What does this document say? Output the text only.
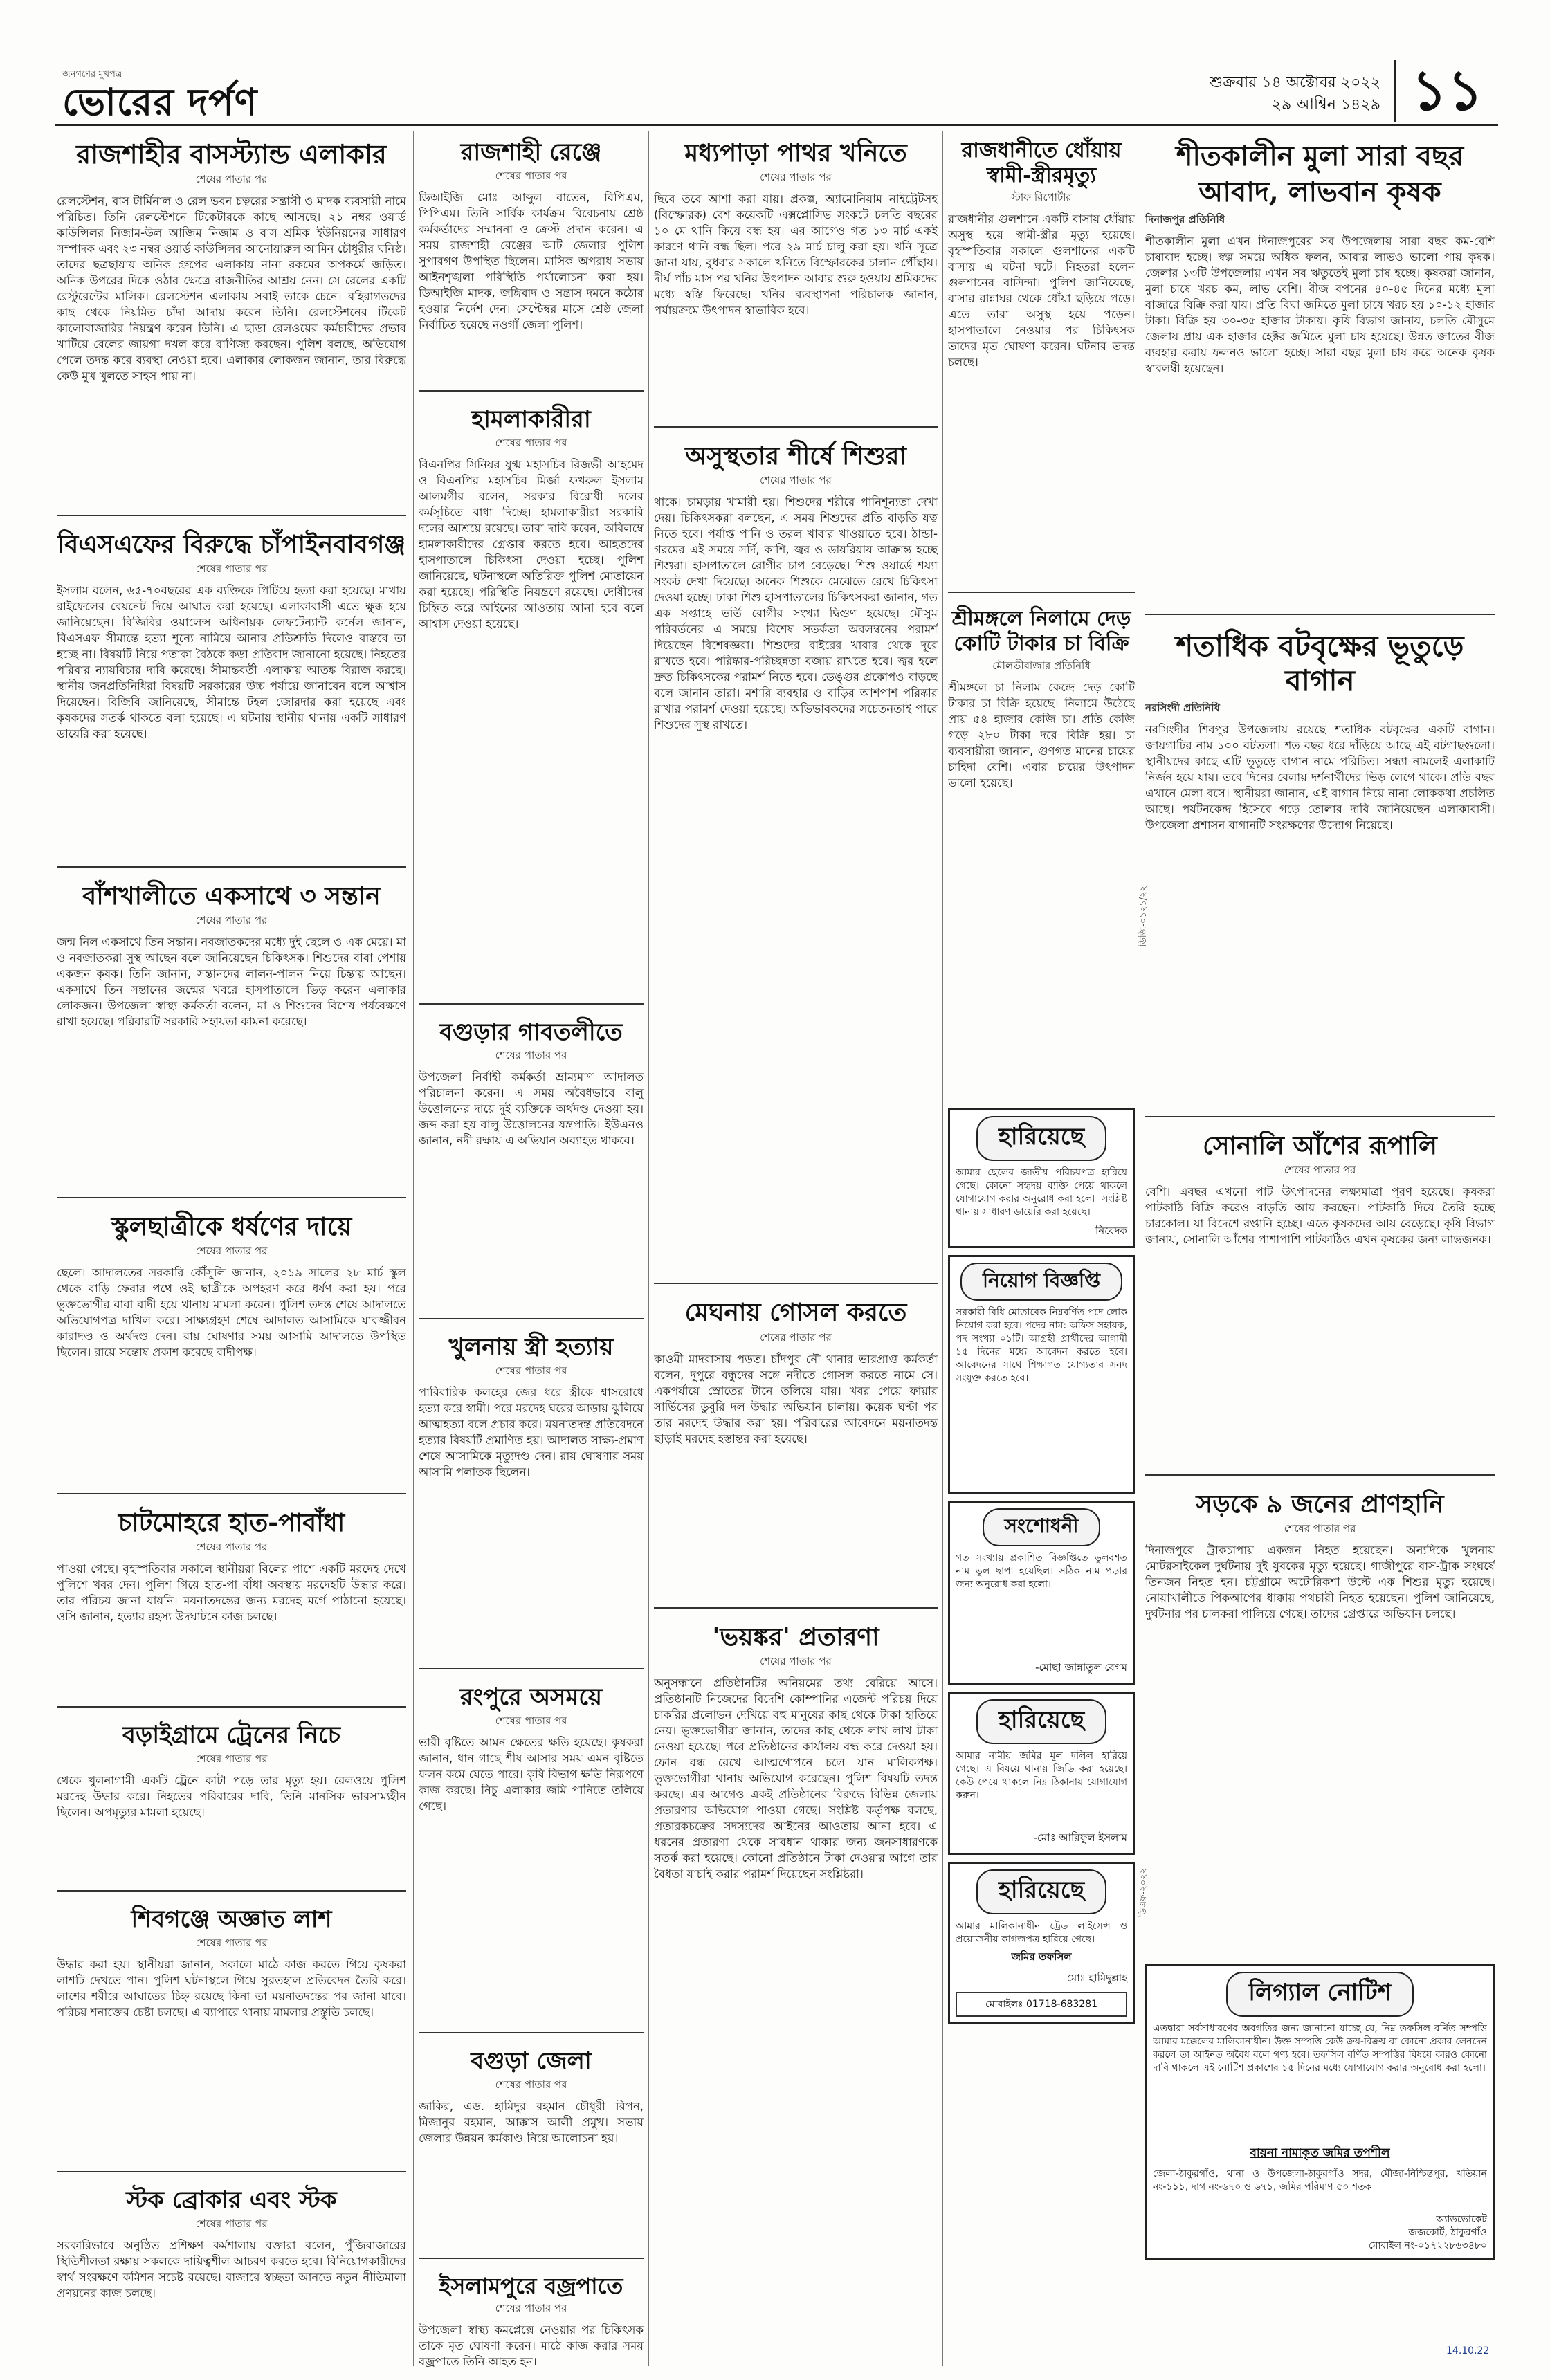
জনগণের মুখপত্র
ভোরের দর্পণ	শুক্রবার ১৪ অক্টোবর ২০২২
২৯ আশ্বিন ১৪২৯ ১১
রাজশাহীর বাসস্ট্যান্ড এলাকার
শেষের পাতার পর
রেলস্টেশন, বাস টার্মিনাল ও রেল ভবন চত্বরের সন্ত্রাসী ও মাদক ব্যবসায়ী নামে পরিচিত। তিনি রেলস্টেশনে টিকেটারকে কাছে আসছে। ২১ নম্বর ওয়ার্ড কাউন্সিলর নিজাম-উল আজিম নিজাম ও বাস শ্রমিক ইউনিয়নের সাধারণ সম্পাদক এবং ২৩ নম্বর ওয়ার্ড কাউন্সিলর আনোয়ারুল আমিন চৌধুরীর ঘনিষ্ঠ। তাদের ছত্রছায়ায় অনিক গ্রুপের এলাকায় নানা রকমের অপকর্মে জড়িত। অনিক উপরের দিকে ওঠার ক্ষেত্রে রাজনীতির আশ্রয় নেন। সে রেলের একটি রেস্টুরেন্টের মালিক। রেলস্টেশন এলাকায় সবাই তাকে চেনে। বহিরাগতদের কাছ থেকে নিয়মিত চাঁদা আদায় করেন তিনি। রেলস্টেশনের টিকেট কালোবাজারির নিয়ন্ত্রণ করেন তিনি। এ ছাড়া রেলওয়ের কর্মচারীদের প্রভাব খাটিয়ে রেলের জায়গা দখল করে বাণিজ্য করছেন। পুলিশ বলছে, অভিযোগ পেলে তদন্ত করে ব্যবস্থা নেওয়া হবে। এলাকার লোকজন জানান, তার বিরুদ্ধে কেউ মুখ খুলতে সাহস পায় না।
বিএসএফের বিরুদ্ধে চাঁপাইনবাবগঞ্জ
শেষের পাতার পর
ইসলাম বলেন, ৬৫-৭০বছরের এক ব্যক্তিকে পিটিয়ে হত্যা করা হয়েছে। মাথায় রাইফেলের বেয়নেট দিয়ে আঘাত করা হয়েছে। এলাকাবাসী এতে ক্ষুব্ধ হয়ে জানিয়েছেন। বিজিবির ওয়ালেন্স অধিনায়ক লেফটেন্যান্ট কর্নেল জানান, বিএসএফ সীমান্তে হত্যা শূন্যে নামিয়ে আনার প্রতিশ্রুতি দিলেও বাস্তবে তা হচ্ছে না। বিষয়টি নিয়ে পতাকা বৈঠকে কড়া প্রতিবাদ জানানো হয়েছে। নিহতের পরিবার ন্যায়বিচার দাবি করেছে। সীমান্তবর্তী এলাকায় আতঙ্ক বিরাজ করছে। স্থানীয় জনপ্রতিনিধিরা বিষয়টি সরকারের উচ্চ পর্যায়ে জানাবেন বলে আশ্বাস দিয়েছেন। বিজিবি জানিয়েছে, সীমান্তে টহল জোরদার করা হয়েছে এবং কৃষকদের সতর্ক থাকতে বলা হয়েছে। এ ঘটনায় স্থানীয় থানায় একটি সাধারণ ডায়েরি করা হয়েছে।
বাঁশখালীতে একসাথে ৩ সন্তান
শেষের পাতার পর
জন্ম নিল একসাথে তিন সন্তান। নবজাতকদের মধ্যে দুই ছেলে ও এক মেয়ে। মা ও নবজাতকরা সুস্থ আছেন বলে জানিয়েছেন চিকিৎসক। শিশুদের বাবা পেশায় একজন কৃষক। তিনি জানান, সন্তানদের লালন-পালন নিয়ে চিন্তায় আছেন। একসাথে তিন সন্তানের জন্মের খবরে হাসপাতালে ভিড় করেন এলাকার লোকজন। উপজেলা স্বাস্থ্য কর্মকর্তা বলেন, মা ও শিশুদের বিশেষ পর্যবেক্ষণে রাখা হয়েছে। পরিবারটি সরকারি সহায়তা কামনা করেছে।
স্কুলছাত্রীকে ধর্ষণের দায়ে
শেষের পাতার পর
ছেলে। আদালতের সরকারি কৌঁসুলি জানান, ২০১৯ সালের ২৮ মার্চ স্কুল থেকে বাড়ি ফেরার পথে ওই ছাত্রীকে অপহরণ করে ধর্ষণ করা হয়। পরে ভুক্তভোগীর বাবা বাদী হয়ে থানায় মামলা করেন। পুলিশ তদন্ত শেষে আদালতে অভিযোগপত্র দাখিল করে। সাক্ষ্যগ্রহণ শেষে আদালত আসামিকে যাবজ্জীবন কারাদণ্ড ও অর্থদণ্ড দেন। রায় ঘোষণার সময় আসামি আদালতে উপস্থিত ছিলেন। রায়ে সন্তোষ প্রকাশ করেছে বাদীপক্ষ।
চাটমোহরে হাত-পাবাঁধা
শেষের পাতার পর
পাওয়া গেছে। বৃহস্পতিবার সকালে স্থানীয়রা বিলের পাশে একটি মরদেহ দেখে পুলিশে খবর দেন। পুলিশ গিয়ে হাত-পা বাঁধা অবস্থায় মরদেহটি উদ্ধার করে। তার পরিচয় জানা যায়নি। ময়নাতদন্তের জন্য মরদেহ মর্গে পাঠানো হয়েছে। ওসি জানান, হত্যার রহস্য উদঘাটনে কাজ চলছে।
বড়াইগ্রামে ট্রেনের নিচে
শেষের পাতার পর
থেকে খুলনাগামী একটি ট্রেনে কাটা পড়ে তার মৃত্যু হয়। রেলওয়ে পুলিশ মরদেহ উদ্ধার করে। নিহতের পরিবারের দাবি, তিনি মানসিক ভারসাম্যহীন ছিলেন। অপমৃত্যুর মামলা হয়েছে।
শিবগঞ্জে অজ্ঞাত লাশ
শেষের পাতার পর
উদ্ধার করা হয়। স্থানীয়রা জানান, সকালে মাঠে কাজ করতে গিয়ে কৃষকরা লাশটি দেখতে পান। পুলিশ ঘটনাস্থলে গিয়ে সুরতহাল প্রতিবেদন তৈরি করে। লাশের শরীরে আঘাতের চিহ্ন রয়েছে কিনা তা ময়নাতদন্তের পর জানা যাবে। পরিচয় শনাক্তের চেষ্টা চলছে। এ ব্যাপারে থানায় মামলার প্রস্তুতি চলছে।
স্টক ব্রোকার এবং স্টক
শেষের পাতার পর
সরকারিভাবে অনুষ্ঠিত প্রশিক্ষণ কর্মশালায় বক্তারা বলেন, পুঁজিবাজারের স্থিতিশীলতা রক্ষায় সকলকে দায়িত্বশীল আচরণ করতে হবে। বিনিয়োগকারীদের স্বার্থ সংরক্ষণে কমিশন সচেষ্ট রয়েছে। বাজারে স্বচ্ছতা আনতে নতুন নীতিমালা প্রণয়নের কাজ চলছে।
রাজশাহী রেঞ্জে
শেষের পাতার পর
ডিআইজি মোঃ আব্দুল বাতেন, বিপিএম, পিপিএম। তিনি সার্বিক কার্যক্রম বিবেচনায় শ্রেষ্ঠ কর্মকর্তাদের সম্মাননা ও ক্রেস্ট প্রদান করেন। এ সময় রাজশাহী রেঞ্জের আট জেলার পুলিশ সুপারগণ উপস্থিত ছিলেন। মাসিক অপরাধ সভায় আইনশৃঙ্খলা পরিস্থিতি পর্যালোচনা করা হয়। ডিআইজি মাদক, জঙ্গিবাদ ও সন্ত্রাস দমনে কঠোর হওয়ার নির্দেশ দেন। সেপ্টেম্বর মাসে শ্রেষ্ঠ জেলা নির্বাচিত হয়েছে নওগাঁ জেলা পুলিশ।
হামলাকারীরা
শেষের পাতার পর
বিএনপির সিনিয়র যুগ্ম মহাসচিব রিজভী আহমেদ ও বিএনপির মহাসচিব মির্জা ফখরুল ইসলাম আলমগীর বলেন, সরকার বিরোধী দলের কর্মসূচিতে বাধা দিচ্ছে। হামলাকারীরা সরকারি দলের আশ্রয়ে রয়েছে। তারা দাবি করেন, অবিলম্বে হামলাকারীদের গ্রেপ্তার করতে হবে। আহতদের হাসপাতালে চিকিৎসা দেওয়া হচ্ছে। পুলিশ জানিয়েছে, ঘটনাস্থলে অতিরিক্ত পুলিশ মোতায়েন করা হয়েছে। পরিস্থিতি নিয়ন্ত্রণে রয়েছে। দোষীদের চিহ্নিত করে আইনের আওতায় আনা হবে বলে আশ্বাস দেওয়া হয়েছে।
বগুড়ার গাবতলীতে
শেষের পাতার পর
উপজেলা নির্বাহী কর্মকর্তা ভ্রাম্যমাণ আদালত পরিচালনা করেন। এ সময় অবৈধভাবে বালু উত্তোলনের দায়ে দুই ব্যক্তিকে অর্থদণ্ড দেওয়া হয়। জব্দ করা হয় বালু উত্তোলনের যন্ত্রপাতি। ইউএনও জানান, নদী রক্ষায় এ অভিযান অব্যাহত থাকবে।
খুলনায় স্ত্রী হত্যায়
শেষের পাতার পর
পারিবারিক কলহের জের ধরে স্ত্রীকে শ্বাসরোধে হত্যা করে স্বামী। পরে মরদেহ ঘরের আড়ায় ঝুলিয়ে আত্মহত্যা বলে প্রচার করে। ময়নাতদন্ত প্রতিবেদনে হত্যার বিষয়টি প্রমাণিত হয়। আদালত সাক্ষ্য-প্রমাণ শেষে আসামিকে মৃত্যুদণ্ড দেন। রায় ঘোষণার সময় আসামি পলাতক ছিলেন।
রংপুরে অসময়ে
শেষের পাতার পর
ভারী বৃষ্টিতে আমন ক্ষেতের ক্ষতি হয়েছে। কৃষকরা জানান, ধান গাছে শীষ আসার সময় এমন বৃষ্টিতে ফলন কমে যেতে পারে। কৃষি বিভাগ ক্ষতি নিরূপণে কাজ করছে। নিচু এলাকার জমি পানিতে তলিয়ে গেছে।
বগুড়া জেলা
শেষের পাতার পর
জাকির, এড. হামিদুর রহমান চৌধুরী রিপন, মিজানুর রহমান, আক্কাস আলী প্রমুখ। সভায় জেলার উন্নয়ন কর্মকাণ্ড নিয়ে আলোচনা হয়।
ইসলামপুরে বজ্রপাতে
শেষের পাতার পর
উপজেলা স্বাস্থ্য কমপ্লেক্সে নেওয়ার পর চিকিৎসক তাকে মৃত ঘোষণা করেন। মাঠে কাজ করার সময় বজ্রপাতে তিনি আহত হন।
মধ্যপাড়া পাথর খনিতে
শেষের পাতার পর
ছিবে তবে আশা করা যায়। প্রকল্প, অ্যামোনিয়াম নাইট্রেটসহ (বিস্ফোরক) বেশ কয়েকটি এক্সপ্লোসিভ সংকটে চলতি বছরের ১০ মে থানি কিয়ে বন্ধ হয়। এর আগেও গত ১৩ মার্চ একই কারণে থানি বন্ধ ছিল। পরে ২৯ মার্চ চালু করা হয়। খনি সূত্রে জানা যায়, বুধবার সকালে খনিতে বিস্ফোরকের চালান পৌঁছায়। দীর্ঘ পাঁচ মাস পর খনির উৎপাদন আবার শুরু হওয়ায় শ্রমিকদের মধ্যে স্বস্তি ফিরেছে। খনির ব্যবস্থাপনা পরিচালক জানান, পর্যায়ক্রমে উৎপাদন স্বাভাবিক হবে।
অসুস্থতার শীর্ষে শিশুরা
শেষের পাতার পর
থাকে। চামড়ায় খামারী হয়। শিশুদের শরীরে পানিশূন্যতা দেখা দেয়। চিকিৎসকরা বলছেন, এ সময় শিশুদের প্রতি বাড়তি যত্ন নিতে হবে। পর্যাপ্ত পানি ও তরল খাবার খাওয়াতে হবে। ঠান্ডা-গরমের এই সময়ে সর্দি, কাশি, জ্বর ও ডায়রিয়ায় আক্রান্ত হচ্ছে শিশুরা। হাসপাতালে রোগীর চাপ বেড়েছে। শিশু ওয়ার্ডে শয্যা সংকট দেখা দিয়েছে। অনেক শিশুকে মেঝেতে রেখে চিকিৎসা দেওয়া হচ্ছে। ঢাকা শিশু হাসপাতালের চিকিৎসকরা জানান, গত এক সপ্তাহে ভর্তি রোগীর সংখ্যা দ্বিগুণ হয়েছে। মৌসুম পরিবর্তনের এ সময়ে বিশেষ সতর্কতা অবলম্বনের পরামর্শ দিয়েছেন বিশেষজ্ঞরা। শিশুদের বাইরের খাবার থেকে দূরে রাখতে হবে। পরিষ্কার-পরিচ্ছন্নতা বজায় রাখতে হবে। জ্বর হলে দ্রুত চিকিৎসকের পরামর্শ নিতে হবে। ডেঙ্গুর প্রকোপও বাড়ছে বলে জানান তারা। মশারি ব্যবহার ও বাড়ির আশপাশ পরিষ্কার রাখার পরামর্শ দেওয়া হয়েছে। অভিভাবকদের সচেতনতাই পারে শিশুদের সুস্থ রাখতে।
মেঘনায় গোসল করতে
শেষের পাতার পর
কাওমী মাদরাসায় পড়ত। চাঁদপুর নৌ থানার ভারপ্রাপ্ত কর্মকর্তা বলেন, দুপুরে বন্ধুদের সঙ্গে নদীতে গোসল করতে নামে সে। একপর্যায়ে স্রোতের টানে তলিয়ে যায়। খবর পেয়ে ফায়ার সার্ভিসের ডুবুরি দল উদ্ধার অভিযান চালায়। কয়েক ঘণ্টা পর তার মরদেহ উদ্ধার করা হয়। পরিবারের আবেদনে ময়নাতদন্ত ছাড়াই মরদেহ হস্তান্তর করা হয়েছে।
'ভয়ঙ্কর' প্রতারণা
শেষের পাতার পর
অনুসন্ধানে প্রতিষ্ঠানটির অনিয়মের তথ্য বেরিয়ে আসে। প্রতিষ্ঠানটি নিজেদের বিদেশি কোম্পানির এজেন্ট পরিচয় দিয়ে চাকরির প্রলোভন দেখিয়ে বহু মানুষের কাছ থেকে টাকা হাতিয়ে নেয়। ভুক্তভোগীরা জানান, তাদের কাছ থেকে লাখ লাখ টাকা নেওয়া হয়েছে। পরে প্রতিষ্ঠানের কার্যালয় বন্ধ করে দেওয়া হয়। ফোন বন্ধ রেখে আত্মগোপনে চলে যান মালিকপক্ষ। ভুক্তভোগীরা থানায় অভিযোগ করেছেন। পুলিশ বিষয়টি তদন্ত করছে। এর আগেও একই প্রতিষ্ঠানের বিরুদ্ধে বিভিন্ন জেলায় প্রতারণার অভিযোগ পাওয়া গেছে। সংশ্লিষ্ট কর্তৃপক্ষ বলছে, প্রতারকচক্রের সদস্যদের আইনের আওতায় আনা হবে। এ ধরনের প্রতারণা থেকে সাবধান থাকার জন্য জনসাধারণকে সতর্ক করা হয়েছে। কোনো প্রতিষ্ঠানে টাকা দেওয়ার আগে তার বৈধতা যাচাই করার পরামর্শ দিয়েছেন সংশ্লিষ্টরা।
রাজধানীতে ধোঁয়ায় স্বামী-স্ত্রীরমৃত্যু
স্টাফ রিপোর্টার
রাজধানীর গুলশানে একটি বাসায় ধোঁয়ায় অসুস্থ হয়ে স্বামী-স্ত্রীর মৃত্যু হয়েছে। বৃহস্পতিবার সকালে গুলশানের একটি বাসায় এ ঘটনা ঘটে। নিহতরা হলেন গুলশানের বাসিন্দা। পুলিশ জানিয়েছে, বাসার রান্নাঘর থেকে ধোঁয়া ছড়িয়ে পড়ে। এতে তারা অসুস্থ হয়ে পড়েন। হাসপাতালে নেওয়ার পর চিকিৎসক তাদের মৃত ঘোষণা করেন। ঘটনার তদন্ত চলছে।
শ্রীমঙ্গলে নিলামে দেড় কোটি টাকার চা বিক্রি
মৌলভীবাজার প্রতিনিধি
শ্রীমঙ্গলে চা নিলাম কেন্দ্রে দেড় কোটি টাকার চা বিক্রি হয়েছে। নিলামে উঠেছে প্রায় ৫৪ হাজার কেজি চা। প্রতি কেজি গড়ে ২৮০ টাকা দরে বিক্রি হয়। চা ব্যবসায়ীরা জানান, গুণগত মানের চায়ের চাহিদা বেশি। এবার চায়ের উৎপাদন ভালো হয়েছে।
হারিয়েছে
আমার ছেলের জাতীয় পরিচয়পত্র হারিয়ে গেছে। কোনো সহৃদয় ব্যক্তি পেয়ে থাকলে যোগাযোগ করার অনুরোধ করা হলো। সংশ্লিষ্ট থানায় সাধারণ ডায়েরি করা হয়েছে।
নিবেদক
নিয়োগ বিজ্ঞপ্তি
সরকারী বিধি মোতাবেক নিম্নবর্ণিত পদে লোক নিয়োগ করা হবে। পদের নাম: অফিস সহায়ক, পদ সংখ্যা ০১টি। আগ্রহী প্রার্থীদের আগামী ১৫ দিনের মধ্যে আবেদন করতে হবে। আবেদনের সাথে শিক্ষাগত যোগ্যতার সনদ সংযুক্ত করতে হবে।
সংশোধনী
গত সংখ্যায় প্রকাশিত বিজ্ঞপ্তিতে ভুলবশত নাম ভুল ছাপা হয়েছিল। সঠিক নাম পড়ার জন্য অনুরোধ করা হলো।
-মোছা জান্নাতুল বেগম
হারিয়েছে
আমার নামীয় জমির মূল দলিল হারিয়ে গেছে। এ বিষয়ে থানায় জিডি করা হয়েছে। কেউ পেয়ে থাকলে নিম্ন ঠিকানায় যোগাযোগ করুন।
-মোঃ আরিফুল ইসলাম
হারিয়েছে
আমার মালিকানাধীন ট্রেড লাইসেন্স ও প্রয়োজনীয় কাগজপত্র হারিয়ে গেছে।
জমির তফসিল
মোঃ হামিদুল্লাহ
মোবাইলঃ 01718-683281
শীতকালীন মুলা সারা বছর আবাদ, লাভবান কৃষক
দিনাজপুর প্রতিনিধি
শীতকালীন মুলা এখন দিনাজপুরের সব উপজেলায় সারা বছর কম-বেশি চাষাবাদ হচ্ছে। স্বল্প সময়ে অধিক ফলন, আবার লাভও ভালো পায় কৃষক। জেলার ১৩টি উপজেলায় এখন সব ঋতুতেই মুলা চাষ হচ্ছে। কৃষকরা জানান, মুলা চাষে খরচ কম, লাভ বেশি। বীজ বপনের ৪০-৪৫ দিনের মধ্যে মুলা বাজারে বিক্রি করা যায়। প্রতি বিঘা জমিতে মুলা চাষে খরচ হয় ১০-১২ হাজার টাকা। বিক্রি হয় ৩০-৩৫ হাজার টাকায়। কৃষি বিভাগ জানায়, চলতি মৌসুমে জেলায় প্রায় এক হাজার হেক্টর জমিতে মুলা চাষ হয়েছে। উন্নত জাতের বীজ ব্যবহার করায় ফলনও ভালো হচ্ছে। সারা বছর মুলা চাষ করে অনেক কৃষক স্বাবলম্বী হয়েছেন।
শতাধিক বটবৃক্ষের ভূতুড়ে বাগান
নরসিংদী প্রতিনিধি
নরসিংদীর শিবপুর উপজেলায় রয়েছে শতাধিক বটবৃক্ষের একটি বাগান। জায়গাটির নাম ১০০ বটতলা। শত বছর ধরে দাঁড়িয়ে আছে এই বটগাছগুলো। স্থানীয়দের কাছে এটি ভূতুড়ে বাগান নামে পরিচিত। সন্ধ্যা নামলেই এলাকাটি নির্জন হয়ে যায়। তবে দিনের বেলায় দর্শনার্থীদের ভিড় লেগে থাকে। প্রতি বছর এখানে মেলা বসে। স্থানীয়রা জানান, এই বাগান নিয়ে নানা লোককথা প্রচলিত আছে। পর্যটনকেন্দ্র হিসেবে গড়ে তোলার দাবি জানিয়েছেন এলাকাবাসী। উপজেলা প্রশাসন বাগানটি সংরক্ষণের উদ্যোগ নিয়েছে।
সোনালি আঁশের রূপালি
শেষের পাতার পর
বেশি। এবছর এখনো পাট উৎপাদনের লক্ষ্যমাত্রা পূরণ হয়েছে। কৃষকরা পাটকাঠি বিক্রি করেও বাড়তি আয় করছেন। পাটকাঠি দিয়ে তৈরি হচ্ছে চারকোল। যা বিদেশে রপ্তানি হচ্ছে। এতে কৃষকদের আয় বেড়েছে। কৃষি বিভাগ জানায়, সোনালি আঁশের পাশাপাশি পাটকাঠিও এখন কৃষকের জন্য লাভজনক।
সড়কে ৯ জনের প্রাণহানি
শেষের পাতার পর
দিনাজপুরে ট্রাকচাপায় একজন নিহত হয়েছেন। অন্যদিকে খুলনায় মোটরসাইকেল দুর্ঘটনায় দুই যুবকের মৃত্যু হয়েছে। গাজীপুরে বাস-ট্রাক সংঘর্ষে তিনজন নিহত হন। চট্টগ্রামে অটোরিকশা উল্টে এক শিশুর মৃত্যু হয়েছে। নোয়াখালীতে পিকআপের ধাক্কায় পথচারী নিহত হয়েছেন। পুলিশ জানিয়েছে, দুর্ঘটনার পর চালকরা পালিয়ে গেছে। তাদের গ্রেপ্তারে অভিযান চলছে।
লিগ্যাল নোটিশ
এতদ্বারা সর্বসাধারণের অবগতির জন্য জানানো যাচ্ছে যে, নিম্ন তফসিল বর্ণিত সম্পত্তি আমার মক্কেলের মালিকানাধীন। উক্ত সম্পত্তি কেউ ক্রয়-বিক্রয় বা কোনো প্রকার লেনদেন করলে তা আইনত অবৈধ বলে গণ্য হবে। তফসিল বর্ণিত সম্পত্তির বিষয়ে কারও কোনো দাবি থাকলে এই নোটিশ প্রকাশের ১৫ দিনের মধ্যে যোগাযোগ করার অনুরোধ করা হলো।
বায়না নামাকৃত জমির তপশীল
জেলা-ঠাকুরগাঁও, থানা ও উপজেলা-ঠাকুরগাঁও সদর, মৌজা-নিশ্চিন্তপুর, খতিয়ান নং-১১১, দাগ নং-৬৭০ ও ৬৭১, জমির পরিমাণ ৫০ শতক।
অ্যাডভোকেট
জজকোর্ট, ঠাকুরগাঁও
মোবাইল নং-০১৭২২৮৬৩৪৮০
ডিজি-০১২১/২২
ডিএফ-২০২২
14.10.22
